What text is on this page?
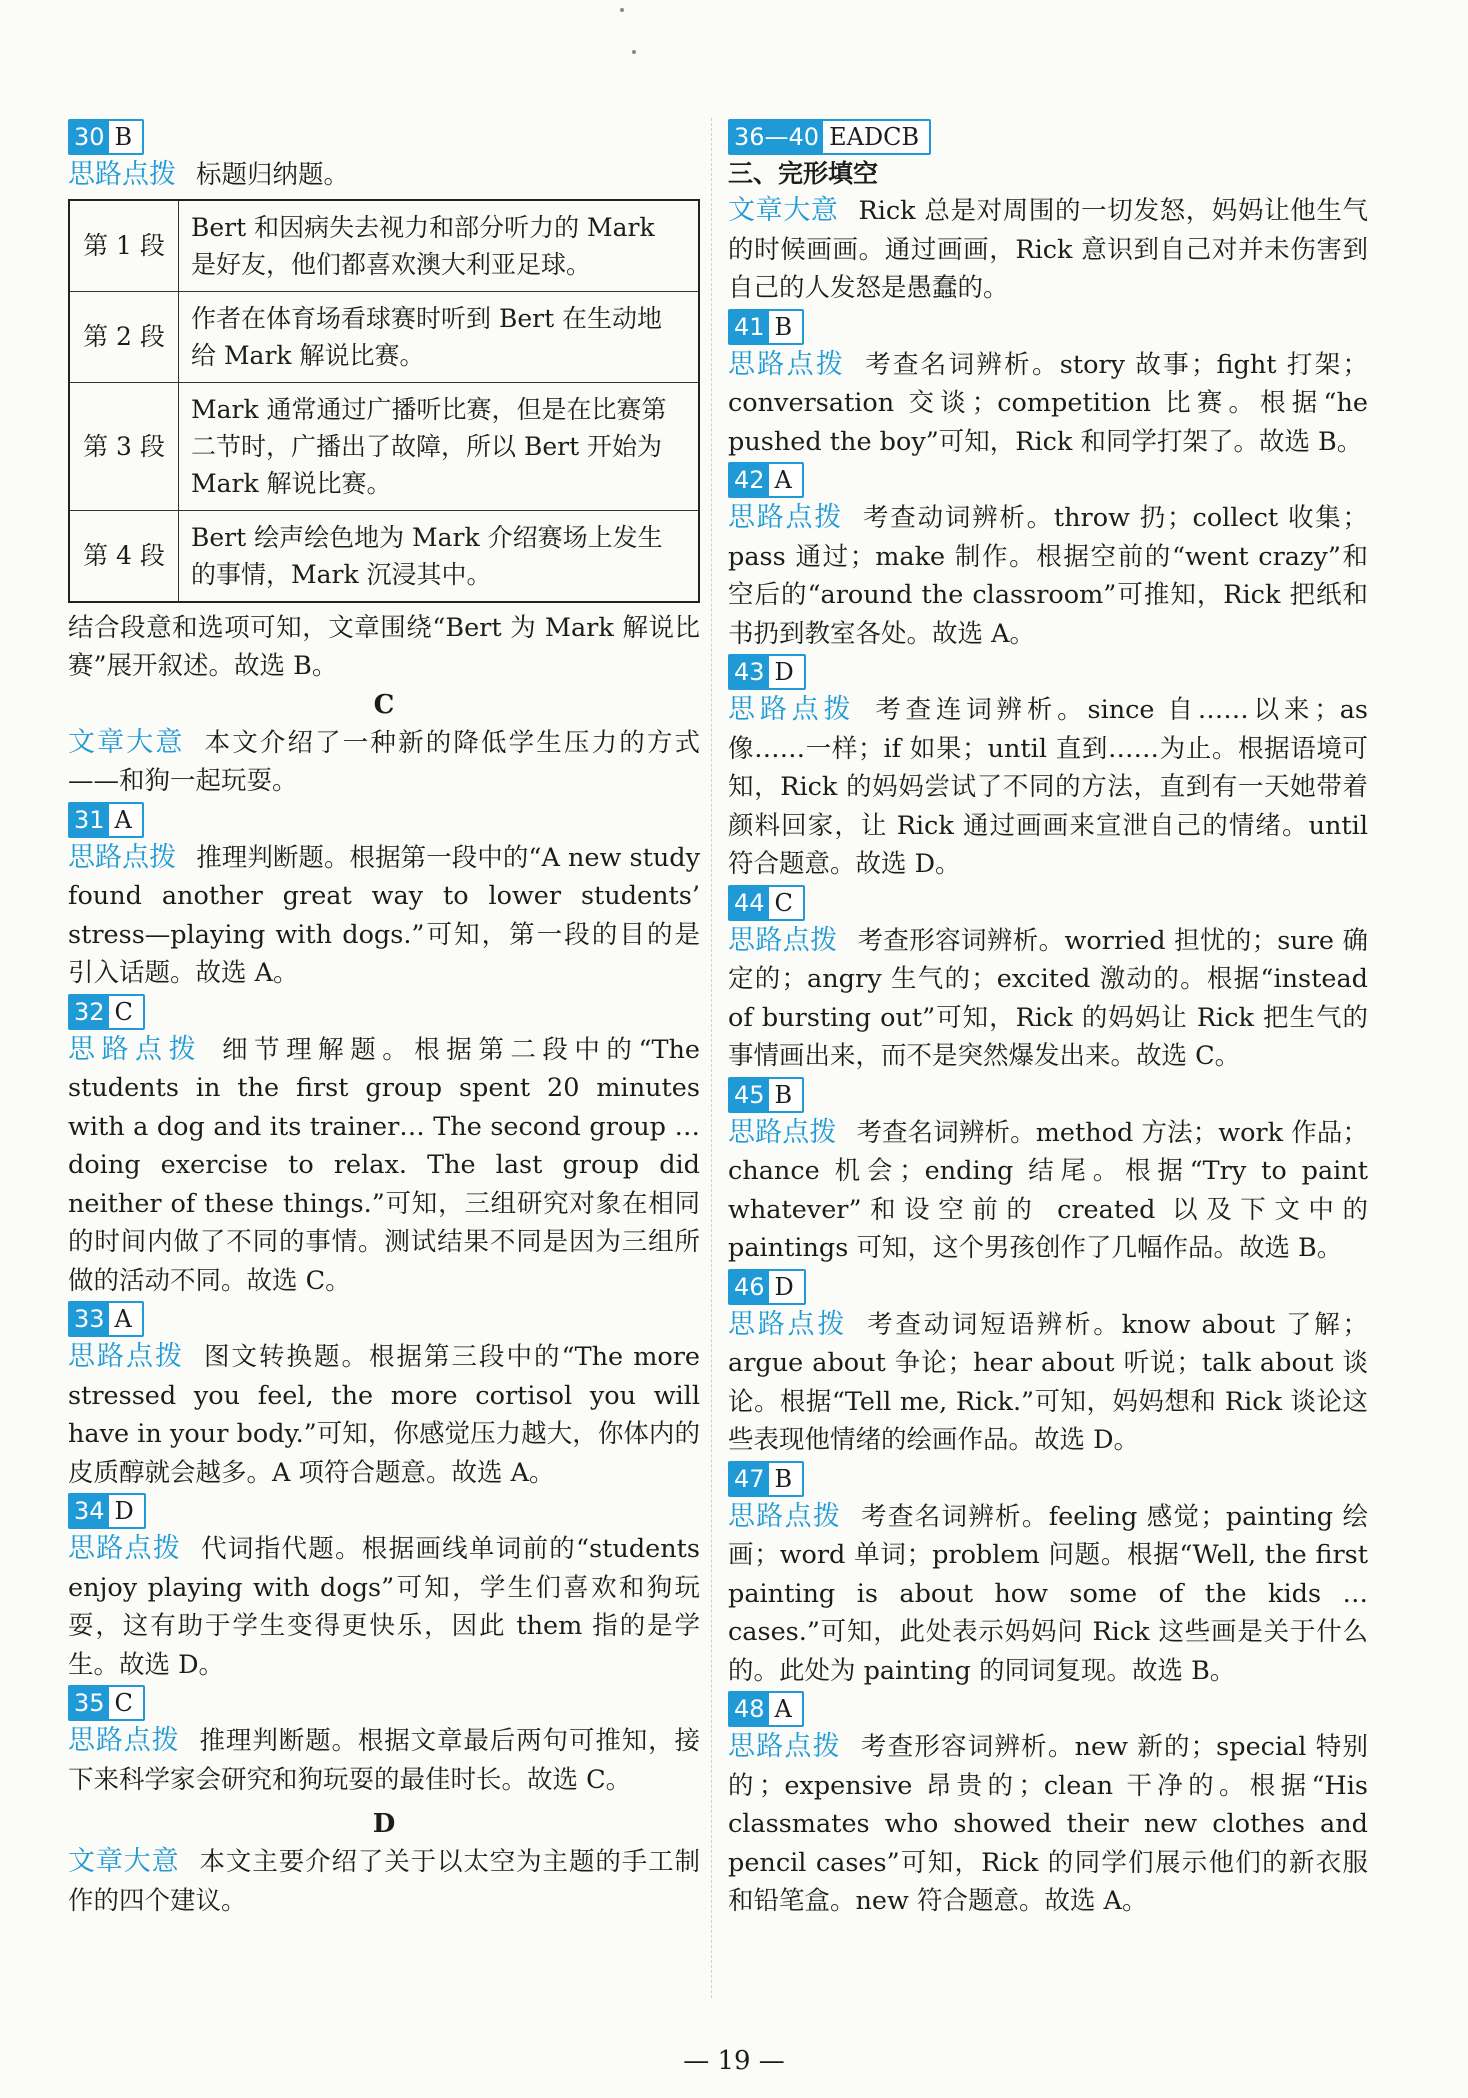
30 B

思路点拨 标题归纳题。

第 1 段	Bert 和因病失去视力和部分听力的 Mark 是好友，他们都喜欢澳大利亚足球。
第 2 段	作者在体育场看球赛时听到 Bert 在生动地给 Mark 解说比赛。
第 3 段	Mark 通常通过广播听比赛，但是在比赛第二节时，广播出了故障，所以 Bert 开始为 Mark 解说比赛。
第 4 段	Bert 绘声绘色地为 Mark 介绍赛场上发生的事情，Mark 沉浸其中。

结合段意和选项可知，文章围绕“Bert 为 Mark 解说比赛”展开叙述。故选 B。

C

文章大意 本文介绍了一种新的降低学生压力的方式——和狗一起玩耍。

31 A

思路点拨 推理判断题。根据第一段中的“A new study found another great way to lower students’ stress—playing with dogs.”可知，第一段的目的是引入话题。故选 A。

32 C

思路点拨 细节理解题。根据第二段中的“The students in the first group spent 20 minutes with a dog and its trainer… The second group … doing exercise to relax. The last group did neither of these things.”可知，三组研究对象在相同的时间内做了不同的事情。测试结果不同是因为三组所做的活动不同。故选 C。

33 A

思路点拨 图文转换题。根据第三段中的“The more stressed you feel, the more cortisol you will have in your body.”可知，你感觉压力越大，你体内的皮质醇就会越多。A 项符合题意。故选 A。

34 D

思路点拨 代词指代题。根据画线单词前的“students enjoy playing with dogs”可知，学生们喜欢和狗玩耍，这有助于学生变得更快乐，因此 them 指的是学生。故选 D。

35 C

思路点拨 推理判断题。根据文章最后两句可推知，接下来科学家会研究和狗玩耍的最佳时长。故选 C。

D

文章大意 本文主要介绍了关于以太空为主题的手工制作的四个建议。

36—40 EADCB

三、完形填空

文章大意 Rick 总是对周围的一切发怒，妈妈让他生气的时候画画。通过画画，Rick 意识到自己对并未伤害到自己的人发怒是愚蠢的。

41 B

思路点拨 考查名词辨析。story 故事；fight 打架；conversation 交谈；competition 比赛。根据“he pushed the boy”可知，Rick 和同学打架了。故选 B。

42 A

思路点拨 考查动词辨析。throw 扔；collect 收集；pass 通过；make 制作。根据空前的“went crazy”和空后的“around the classroom”可推知，Rick 把纸和书扔到教室各处。故选 A。

43 D

思路点拨 考查连词辨析。since 自……以来；as 像……一样；if 如果；until 直到……为止。根据语境可知，Rick 的妈妈尝试了不同的方法，直到有一天她带着颜料回家，让 Rick 通过画画来宣泄自己的情绪。until 符合题意。故选 D。

44 C

思路点拨 考查形容词辨析。worried 担忧的；sure 确定的；angry 生气的；excited 激动的。根据“instead of bursting out”可知，Rick 的妈妈让 Rick 把生气的事情画出来，而不是突然爆发出来。故选 C。

45 B

思路点拨 考查名词辨析。method 方法；work 作品；chance 机会；ending 结尾。根据“Try to paint whatever”和设空前的 created 以及下文中的 paintings 可知，这个男孩创作了几幅作品。故选 B。

46 D

思路点拨 考查动词短语辨析。know about 了解；argue about 争论；hear about 听说；talk about 谈论。根据“Tell me, Rick.”可知，妈妈想和 Rick 谈论这些表现他情绪的绘画作品。故选 D。

47 B

思路点拨 考查名词辨析。feeling 感觉；painting 绘画；word 单词；problem 问题。根据“Well, the first painting is about how some of the kids … cases.”可知，此处表示妈妈问 Rick 这些画是关于什么的。此处为 painting 的同词复现。故选 B。

48 A

思路点拨 考查形容词辨析。new 新的；special 特别的；expensive 昂贵的；clean 干净的。根据“His classmates who showed their new clothes and pencil cases”可知，Rick 的同学们展示他们的新衣服和铅笔盒。new 符合题意。故选 A。

— 19 —
